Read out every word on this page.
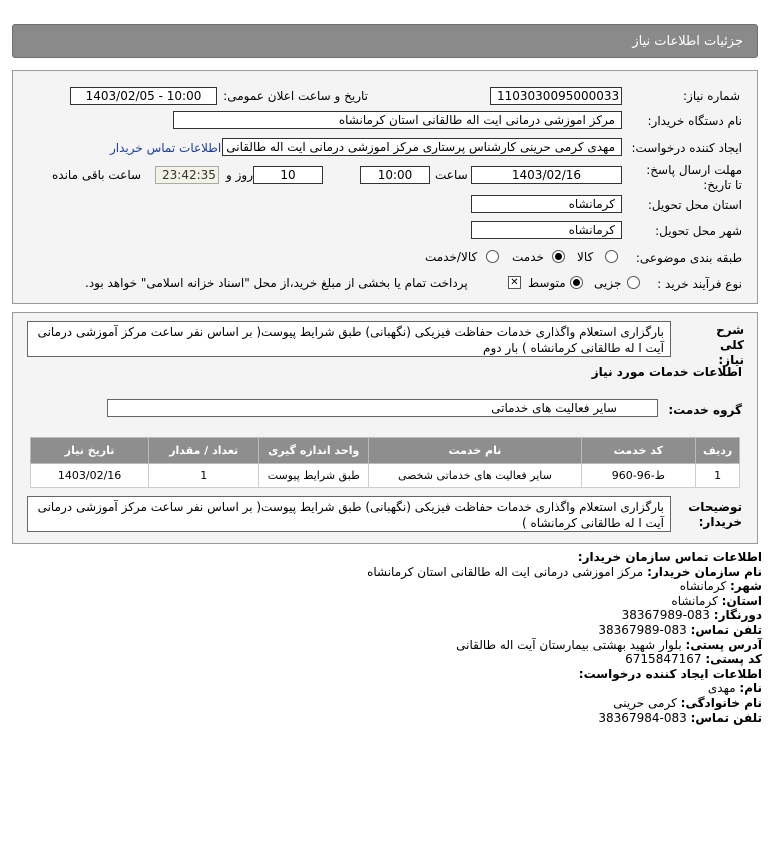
جزئیات اطلاعات نیاز
شماره نیاز:
1103030095000033
تاریخ و ساعت اعلان عمومی:
1403/02/05 - 10:00
نام دستگاه خریدار:
مرکز اموزشی درمانی ایت اله طالقانی استان کرمانشاه
ایجاد کننده درخواست:
مهدی کرمی حرینی کارشناس پرستاری مرکز اموزشی درمانی ایت اله طالقانی
اطلاعات تماس خریدار
مهلت ارسال پاسخ: تا تاریخ:
1403/02/16
ساعت
10:00
10
روز و
23:42:35
ساعت باقی مانده
استان محل تحویل:
کرمانشاه
شهر محل تحویل:
کرمانشاه
طبقه بندی موضوعی:
کالا
خدمت
کالا/خدمت
نوع فرآیند خرید :
جزیی
متوسط
✕
پرداخت تمام یا بخشی از مبلغ خرید،از محل "اسناد خزانه اسلامی" خواهد بود.
شرح کلی نیاز:
بارگزاری استعلام واگذاری خدمات حفاظت فیزیکی (نگهبانی) طبق شرایط پیوست( بر اساس نفر ساعت مرکز آموزشی درمانی آیت ا له طالقانی کرمانشاه ) بار دوم
اطلاعات خدمات مورد نیاز
گروه خدمت:
سایر فعالیت های خدماتی
ردیف	کد خدمت	نام خدمت	واحد اندازه گیری	تعداد / مقدار	تاریخ نیاز
1	ط-96-960	سایر فعالیت های خدماتی شخصی	طبق شرایط پیوست	1	1403/02/16
توضیحات خریدار:
بارگزاری استعلام واگذاری خدمات حفاظت فیزیکی (نگهبانی) طبق شرایط پیوست( بر اساس نفر ساعت مرکز آموزشی درمانی آیت ا له طالقانی کرمانشاه )
اطلاعات تماس سازمان خریدار:
نام سازمان خریدار: مرکز اموزشی درمانی ایت اله طالقانی استان کرمانشاه
شهر: کرمانشاه
استان: کرمانشاه
دورنگار: 083-38367989
تلفن تماس: 083-38367989
آدرس پستی: بلوار شهید بهشتی بیمارستان آیت اله طالقانی
کد پستی: 6715847167
اطلاعات ایجاد کننده درخواست:
نام: مهدی
نام خانوادگی: کرمی حرینی
تلفن تماس: 083-38367984
